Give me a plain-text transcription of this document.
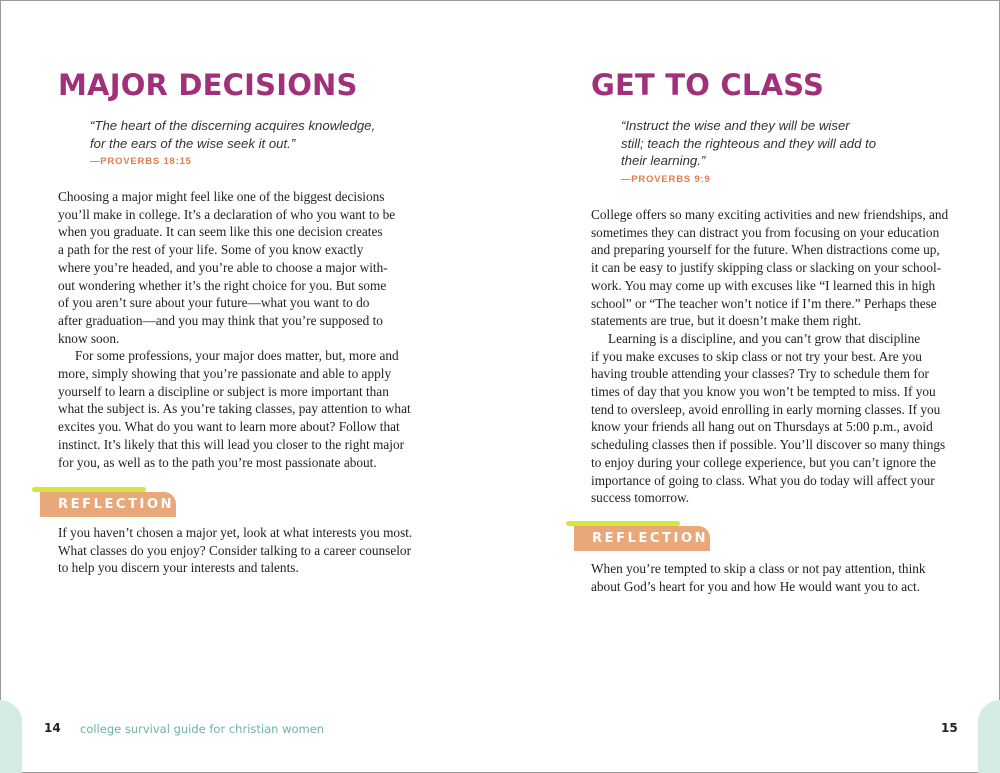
MAJOR DECISIONS
“The heart of the discerning acquires knowledge,
for the ears of the wise seek it out.”
—PROVERBS 18:15
Choosing a major might feel like one of the biggest decisions
you’ll make in college. It’s a declaration of who you want to be
when you graduate. It can seem like this one decision creates
a path for the rest of your life. Some of you know exactly
where you’re headed, and you’re able to choose a major with-
out wondering whether it’s the right choice for you. But some
of you aren’t sure about your future—what you want to do
after graduation—and you may think that you’re supposed to
know soon.
For some professions, your major does matter, but, more and
more, simply showing that you’re passionate and able to apply
yourself to learn a discipline or subject is more important than
what the subject is. As you’re taking classes, pay attention to what
excites you. What do you want to learn more about? Follow that
instinct. It’s likely that this will lead you closer to the right major
for you, as well as to the path you’re most passionate about.
REFLECTION
If you haven’t chosen a major yet, look at what interests you most.
What classes do you enjoy? Consider talking to a career counselor
to help you discern your interests and talents.
14 college survival guide for christian women
GET TO CLASS
“Instruct the wise and they will be wiser
still; teach the righteous and they will add to
their learning.”
—PROVERBS 9:9
College offers so many exciting activities and new friendships, and
sometimes they can distract you from focusing on your education
and preparing yourself for the future. When distractions come up,
it can be easy to justify skipping class or slacking on your school-
work. You may come up with excuses like “I learned this in high
school” or “The teacher won’t notice if I’m there.” Perhaps these
statements are true, but it doesn’t make them right.
Learning is a discipline, and you can’t grow that discipline
if you make excuses to skip class or not try your best. Are you
having trouble attending your classes? Try to schedule them for
times of day that you know you won’t be tempted to miss. If you
tend to oversleep, avoid enrolling in early morning classes. If you
know your friends all hang out on Thursdays at 5:00 p.m., avoid
scheduling classes then if possible. You’ll discover so many things
to enjoy during your college experience, but you can’t ignore the
importance of going to class. What you do today will affect your
success tomorrow.
REFLECTION
When you’re tempted to skip a class or not pay attention, think
about God’s heart for you and how He would want you to act.
15
